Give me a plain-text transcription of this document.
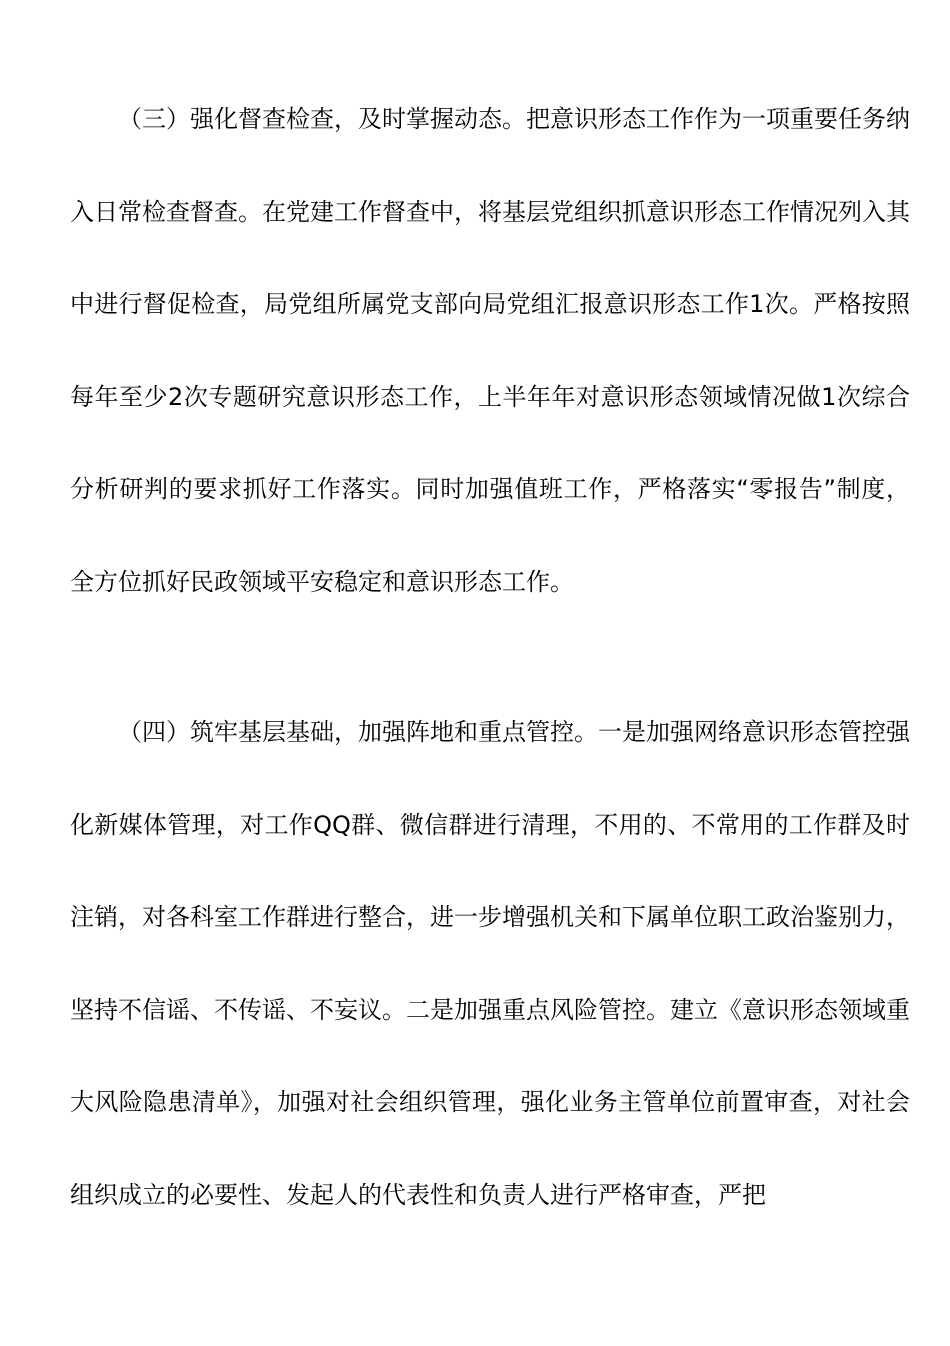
（三）强化督查检查，及时掌握动态。把意识形态工作作为一项重要任务纳入日常检查督查。在党建工作督查中，将基层党组织抓意识形态工作情况列入其中进行督促检查，局党组所属党支部向局党组汇报意识形态工作1次。严格按照每年至少2次专题研究意识形态工作，上半年年对意识形态领域情况做1次综合分析研判的要求抓好工作落实。同时加强值班工作，严格落实“零报告”制度，全方位抓好民政领域平安稳定和意识形态工作。

（四）筑牢基层基础，加强阵地和重点管控。一是加强网络意识形态管控强化新媒体管理，对工作QQ群、微信群进行清理，不用的、不常用的工作群及时注销，对各科室工作群进行整合，进一步增强机关和下属单位职工政治鉴别力，坚持不信谣、不传谣、不妄议。二是加强重点风险管控。建立《意识形态领域重大风险隐患清单》，加强对社会组织管理，强化业务主管单位前置审查，对社会组织成立的必要性、发起人的代表性和负责人进行严格审查，严把
